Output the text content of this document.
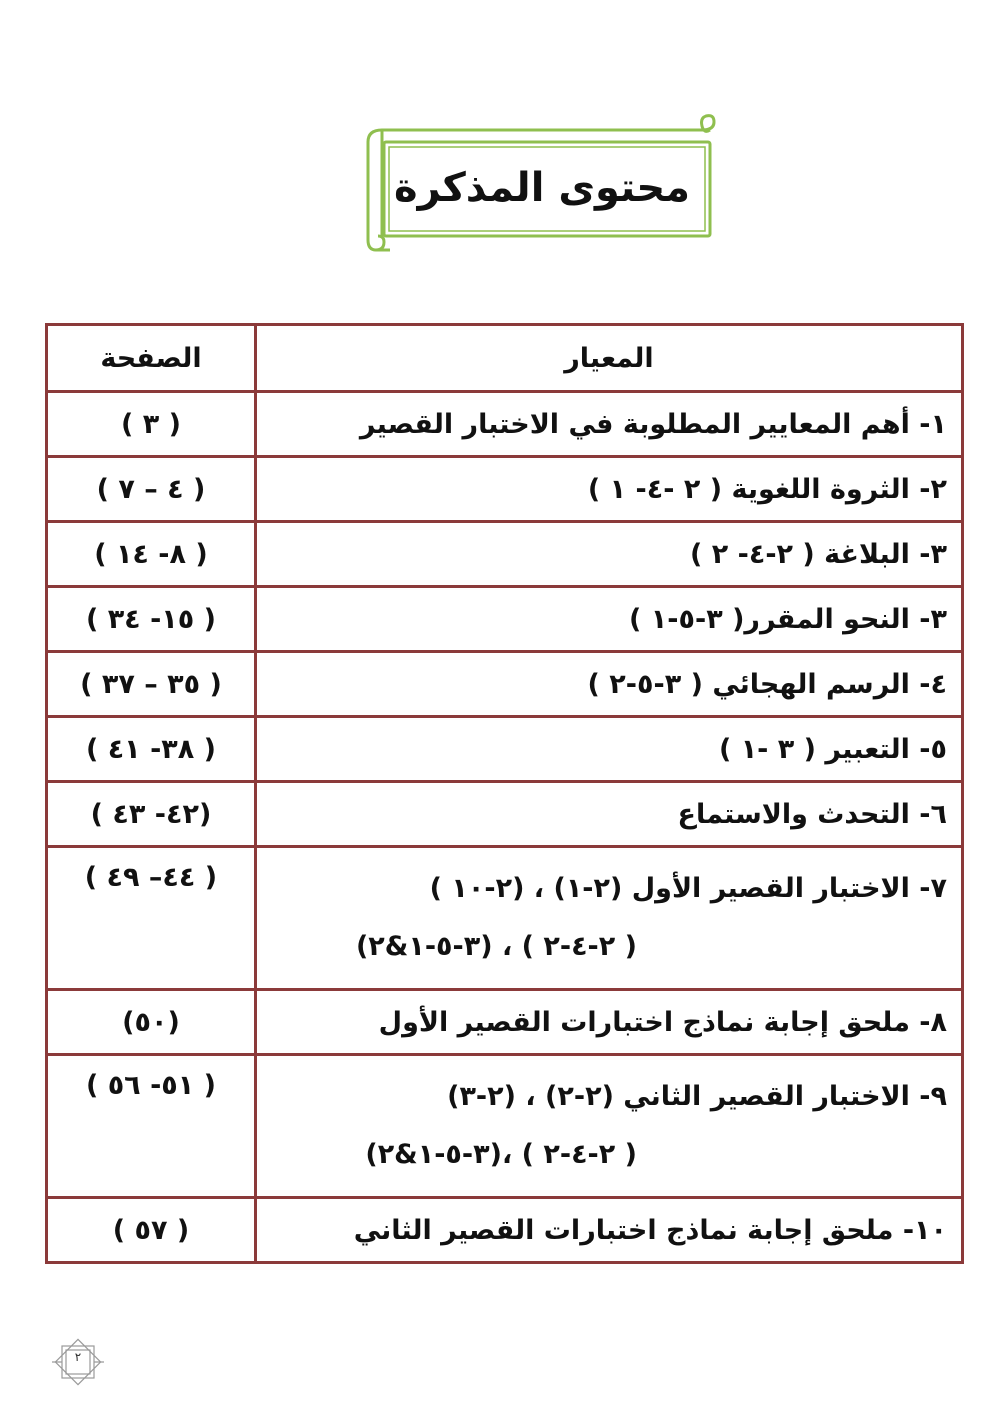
محتوى المذكرة
المعيار	الصفحة
١- أهم المعايير المطلوبة في الاختبار القصير	( ٣ )
٢- الثروة اللغوية ( ٢ -٤- ١ )	( ٤ – ٧ )
٣- البلاغة ( ٢-٤- ٢ )	( ٨- ١٤ )
٣- النحو المقرر( ٣-٥-١ )	( ١٥- ٣٤ )
٤- الرسم الهجائي ( ٣-٥-٢ )	( ٣٥ – ٣٧ )
٥- التعبير ( ٣ -١ )	( ٣٨- ٤١ )
٦- التحدث والاستماع	(٤٢- ٤٣ )

٧- الاختبار القصير الأول (٢-١) ، (٢-١٠ )
( ٢-٤-٢ ) ، (٣-٥-١&٢)	( ٤٤– ٤٩ )
٨- ملحق إجابة نماذج اختبارات القصير الأول	(٥٠)

٩- الاختبار القصير الثاني (٢-٢) ، (٢-٣)
( ٢-٤-٢ ) ،(٣-٥-١&٢)	( ٥١- ٥٦ )
١٠- ملحق إجابة نماذج اختبارات القصير الثاني	( ٥٧ )
٢
